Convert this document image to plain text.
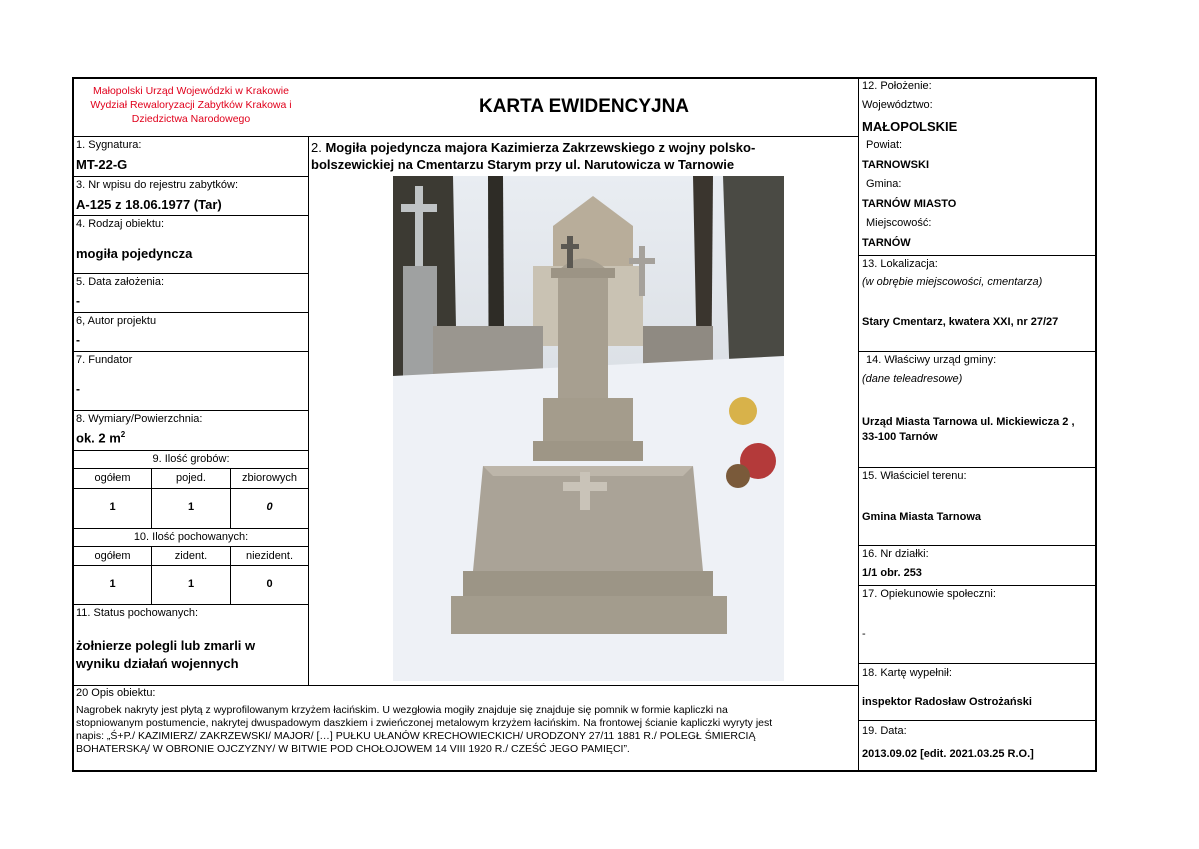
Małopolski Urząd Wojewódzki w Krakowie
Wydział Rewaloryzacji Zabytków Krakowa i
Dziedzictwa Narodowego
KARTA EWIDENCYJNA
2. Mogiła pojedyncza majora Kazimierza Zakrzewskiego z wojny polsko-
bolszewickiej na Cmentarzu Starym przy ul. Narutowicza w Tarnowie
1. Sygnatura:
MT-22-G
3. Nr wpisu do rejestru zabytków:
A-125 z 18.06.1977 (Tar)
4. Rodzaj obiektu:
mogiła pojedyncza
5. Data założenia:
-
6, Autor projektu
-
7. Fundator
-
8. Wymiary/Powierzchnia:
ok. 2 $m^2$
9. Ilość grobów:
ogółem	pojed.	zbiorowych
1	1	0
10. Ilość pochowanych:
ogółem	zident.	niezident.
1	1	0
11. Status pochowanych:
żołnierze polegli lub zmarli w
wyniku działań wojennych
20 Opis obiektu:
Nagrobek nakryty jest płytą z wyprofilowanym krzyżem łacińskim. U wezgłowia mogiły znajduje się znajduje się pomnik w formie kapliczki na
stopniowanym postumencie, nakrytej dwuspadowym daszkiem i zwieńczonej metalowym krzyżem łacińskim. Na frontowej ścianie kapliczki wyryty jest
napis: „Ś+P./ KAZIMIERZ/ ZAKRZEWSKI/ MAJOR/ […] PUŁKU UŁANÓW KRECHOWIECKICH/ URODZONY 27/11 1881 R./ POLEGŁ ŚMIERCIĄ
BOHATERSKĄ/ W OBRONIE OJCZYZNY/ W BITWIE POD CHOŁOJOWEM 14 VIII 1920 R./ CZEŚĆ JEGO PAMIĘCI”.
12. Położenie:
Województwo:
MAŁOPOLSKIE
Powiat:
TARNOWSKI
Gmina:
TARNÓW MIASTO
Miejscowość:
TARNÓW
13. Lokalizacja:
(w obrębie miejscowości, cmentarza)
Stary Cmentarz, kwatera XXI, nr 27/27
14. Właściwy urząd gminy:
(dane teleadresowe)
Urząd Miasta Tarnowa ul. Mickiewicza 2 ,
33-100 Tarnów
15. Właściciel terenu:
Gmina Miasta Tarnowa
16. Nr działki:
1/1 obr. 253
17. Opiekunowie społeczni:
-
18. Kartę wypełnił:
inspektor Radosław Ostrożański
19. Data:
2013.09.02 [edit. 2021.03.25 R.O.]
